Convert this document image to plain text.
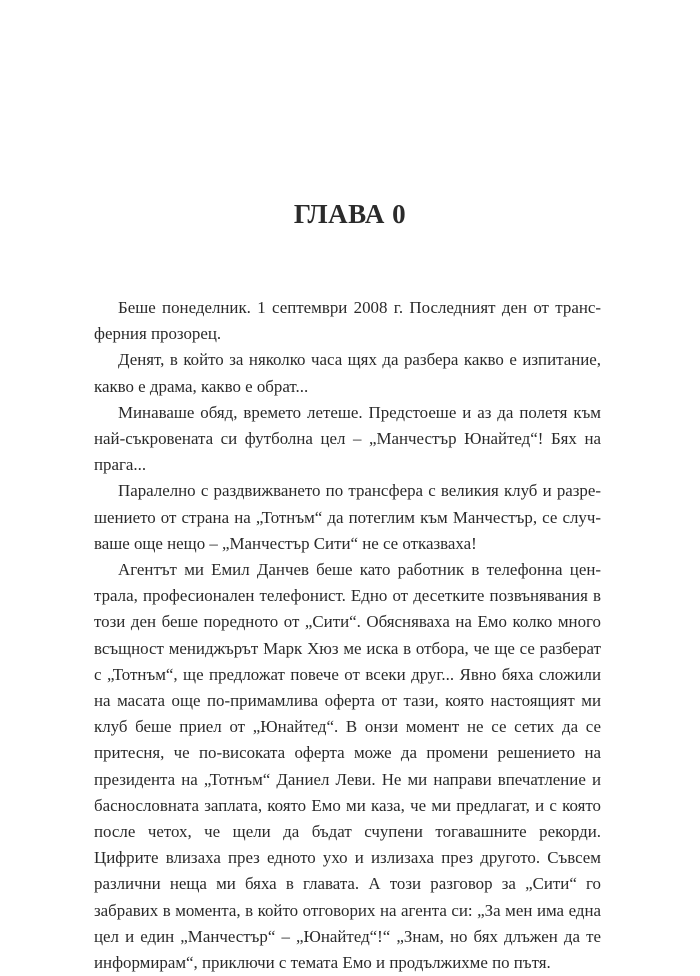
ГЛАВА 0

Беше понеделник. 1 септември 2008 г. Последният ден от трансферния прозорец.

Денят, в който за няколко часа щях да разбера какво е изпитание, какво е драма, какво е обрат...

Минаваше обяд, времето летеше. Предстоеше и аз да полетя към най-съкровената си футболна цел – „Манчестър Юнайтед“! Бях на прага...

Паралелно с раздвижването по трансфера с великия клуб и разрешението от страна на „Тотнъм“ да потеглим към Манчестър, се случваше още нещо – „Манчестър Сити“ не се отказваха!

Агентът ми Емил Данчев беше като работник в телефонна централа, професионален телефонист. Едно от десетките позвънявания в този ден беше поредното от „Сити“. Обясняваха на Емо колко много всъщност мениджърът Марк Хюз ме иска в отбора, че ще се разберат с „Тотнъм“, ще предложат повече от всеки друг... Явно бяха сложили на масата още по-примамлива оферта от тази, която настоящият ми клуб беше приел от „Юнайтед“. В онзи момент не се сетих да се притесня, че по-високата оферта може да промени решението на президента на „Тотнъм“ Даниел Леви. Не ми направи впечатление и баснословната заплата, която Емо ми каза, че ми предлагат, и с която после четох, че щели да бъдат счупени тогавашните рекорди. Цифрите влизаха през едното ухо и излизаха през другото. Съвсем различни неща ми бяха в главата. А този разговор за „Сити“ го забравих в момента, в който отговорих на агента си: „За мен има една цел и един „Манчестър“ – „Юнайтед“!“ „Знам, но бях длъжен да те информирам“, приключи с темата Емо и продължихме по пътя.
